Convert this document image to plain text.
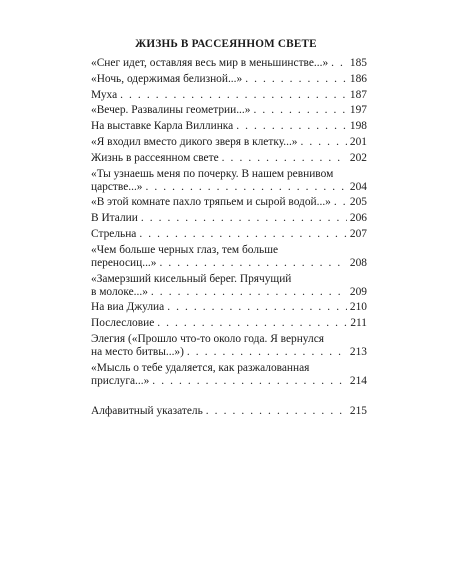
ЖИЗНЬ В РАССЕЯННОМ СВЕТЕ
«Снег идет, оставляя весь мир в меньшинстве...» . . . 185
«Ночь, одержимая белизной...» . . .	186
Муха . . .	187
«Вечер. Развалины геометрии...» . . .	197
На выставке Карла Виллинка . . .	198
«Я входил вместо дикого зверя в клетку...» . . .	201
Жизнь в рассеянном свете . . .	202
«Ты узнаешь меня по почерку. В нашем ревнивом
царстве...» . . .	204
«В этой комнате пахло тряпьем и сырой водой...» . . . 205
В Италии . . .	206
Стрельна . . .	207
«Чем больше черных глаз, тем больше
переносиц...» . . .	208
«Замерзший кисельный берег. Прячущий
в молоке...» . . .	209
На виа Джулиа . . .	210
Послесловие . . .	211
Элегия («Прошло что-то около года. Я вернулся
на место битвы...») . . .	213
«Мысль о тебе удаляется, как разжалованная
прислуга...» . . .	214
Алфавитный указатель . . .	215
